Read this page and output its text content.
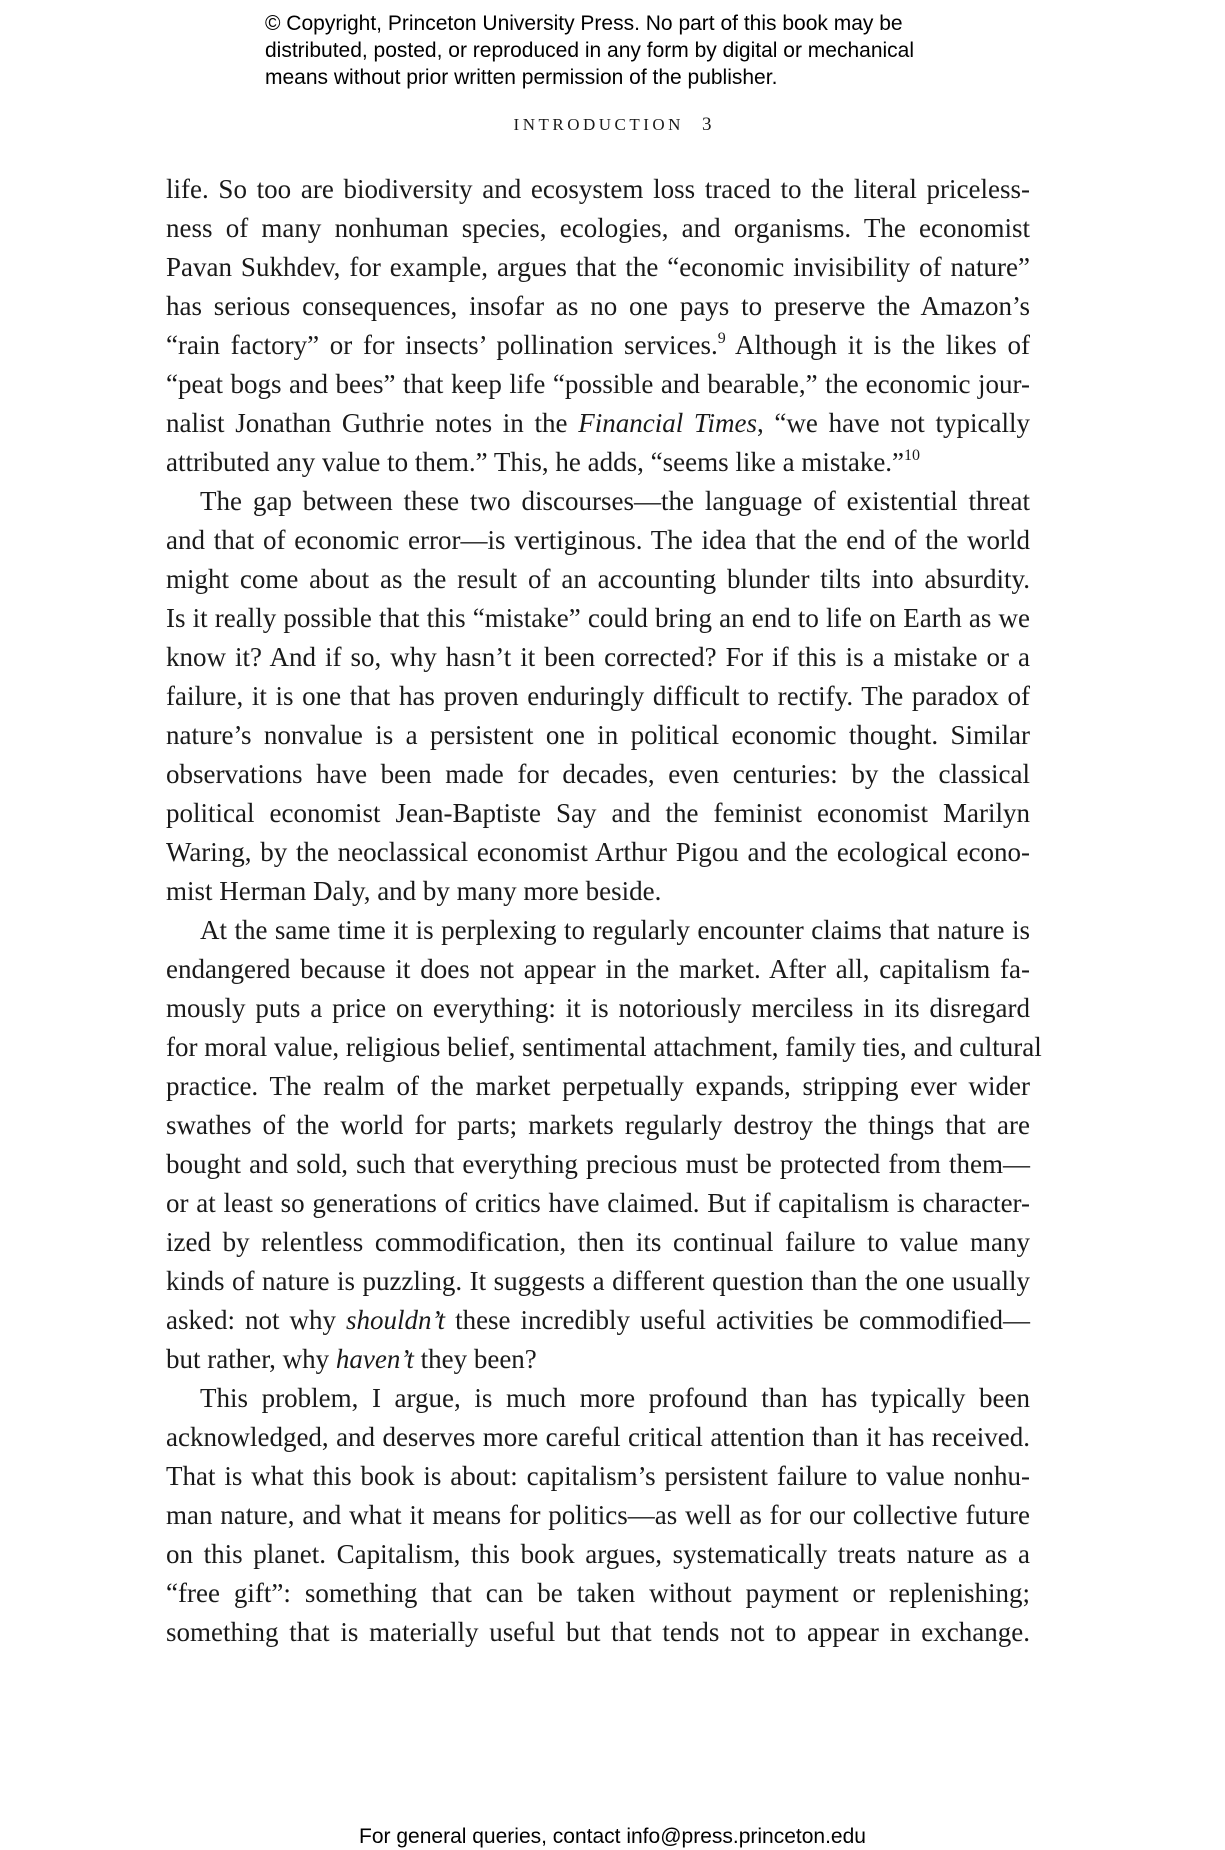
© Copyright, Princeton University Press. No part of this book may be
distributed, posted, or reproduced in any form by digital or mechanical
means without prior written permission of the publisher.
INTRODUCTION 3
life. So too are biodiversity and ecosystem loss traced to the literal priceless-
ness of many nonhuman species, ecologies, and organisms. The economist
Pavan Sukhdev, for example, argues that the “economic invisibility of nature”
has serious consequences, insofar as no one pays to preserve the Amazon’s
“rain factory” or for insects’ pollination services.$^9$ Although it is the likes of
“peat bogs and bees” that keep life “possible and bearable,” the economic jour-
nalist Jonathan Guthrie notes in the Financial Times, “we have not typically
attributed any value to them.” This, he adds, “seems like a mistake.”$^{10}$
The gap between these two discourses—the language of existential threat
and that of economic error—is vertiginous. The idea that the end of the world
might come about as the result of an accounting blunder tilts into absurdity.
Is it really possible that this “mistake” could bring an end to life on Earth as we
know it? And if so, why hasn’t it been corrected? For if this is a mistake or a
failure, it is one that has proven enduringly difficult to rectify. The paradox of
nature’s nonvalue is a persistent one in political economic thought. Similar
observations have been made for decades, even centuries: by the classical
political economist Jean-Baptiste Say and the feminist economist Marilyn
Waring, by the neoclassical economist Arthur Pigou and the ecological econo-
mist Herman Daly, and by many more beside.
At the same time it is perplexing to regularly encounter claims that nature is
endangered because it does not appear in the market. After all, capitalism fa-
mously puts a price on everything: it is notoriously merciless in its disregard
for moral value, religious belief, sentimental attachment, family ties, and cultural
practice. The realm of the market perpetually expands, stripping ever wider
swathes of the world for parts; markets regularly destroy the things that are
bought and sold, such that everything precious must be protected from them—
or at least so generations of critics have claimed. But if capitalism is character-
ized by relentless commodification, then its continual failure to value many
kinds of nature is puzzling. It suggests a different question than the one usually
asked: not why shouldn’t these incredibly useful activities be commodified—
but rather, why haven’t they been?
This problem, I argue, is much more profound than has typically been
acknowledged, and deserves more careful critical attention than it has received.
That is what this book is about: capitalism’s persistent failure to value nonhu-
man nature, and what it means for politics—as well as for our collective future
on this planet. Capitalism, this book argues, systematically treats nature as a
“free gift”: something that can be taken without payment or replenishing;
something that is materially useful but that tends not to appear in exchange.
For general queries, contact info@press.princeton.edu
